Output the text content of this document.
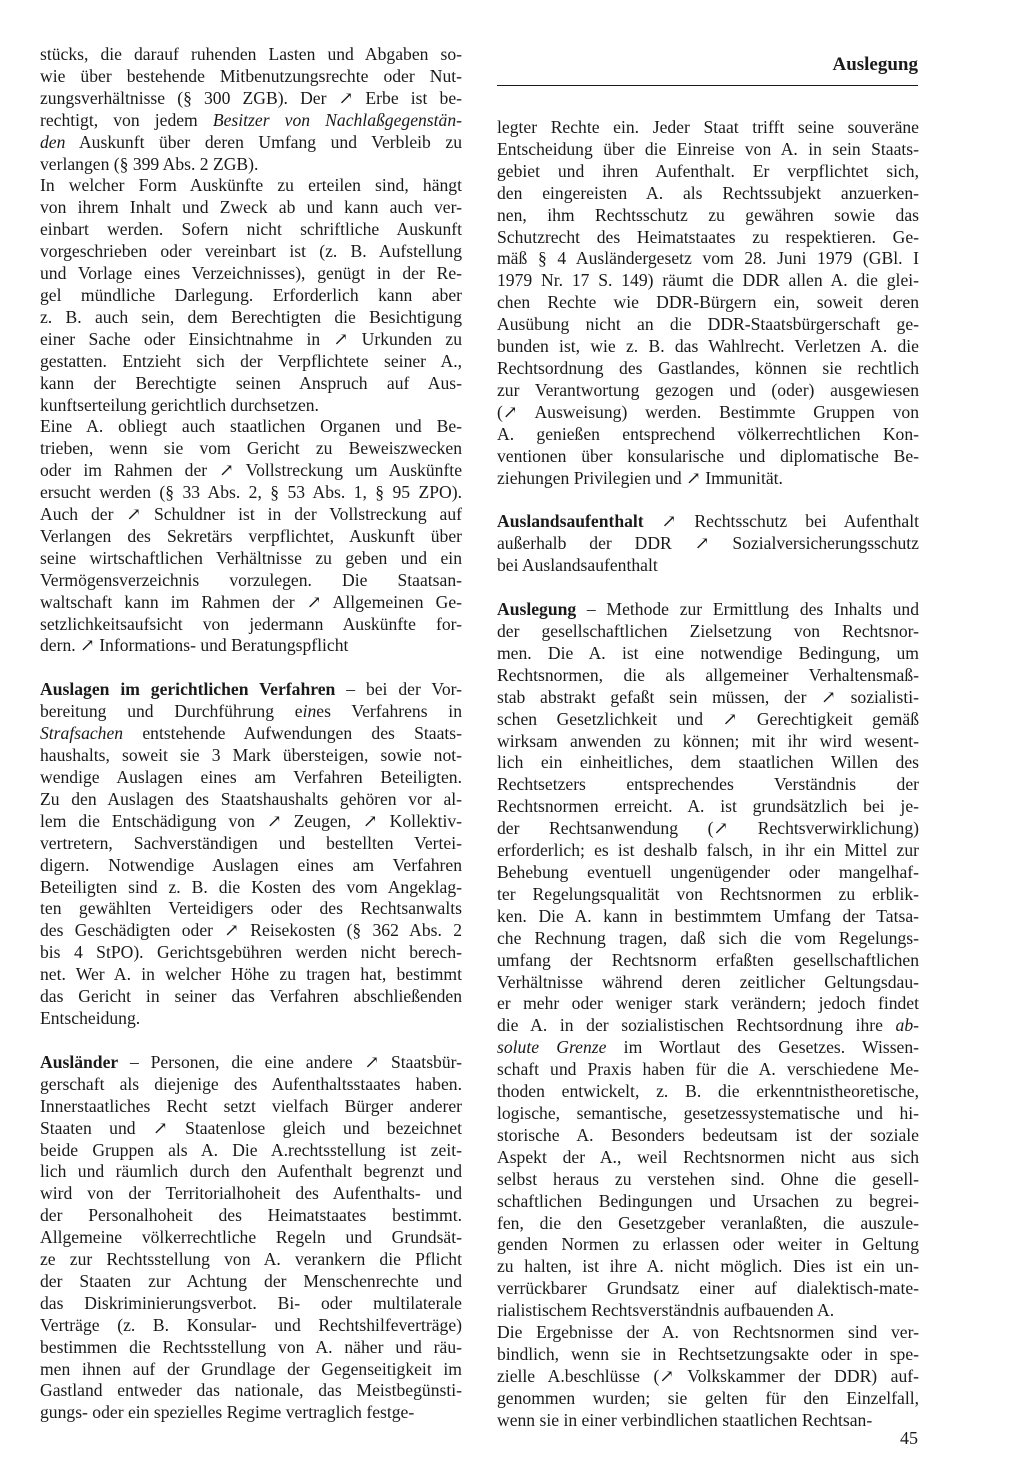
Auslegung

stücks, die darauf ruhenden Lasten und Abgaben so-
wie über bestehende Mitbenutzungsrechte oder Nut-
zungsverhältnisse (§ 300 ZGB). Der ↗ Erbe ist be-
rechtigt, von jedem Besitzer von Nachlaßgegenstän-
den Auskunft über deren Umfang und Verbleib zu
verlangen (§ 399 Abs. 2 ZGB).

In welcher Form Auskünfte zu erteilen sind, hängt
von ihrem Inhalt und Zweck ab und kann auch ver-
einbart werden. Sofern nicht schriftliche Auskunft
vorgeschrieben oder vereinbart ist (z. B. Aufstellung
und Vorlage eines Verzeichnisses), genügt in der Re-
gel mündliche Darlegung. Erforderlich kann aber
z. B. auch sein, dem Berechtigten die Besichtigung
einer Sache oder Einsichtnahme in ↗ Urkunden zu
gestatten. Entzieht sich der Verpflichtete seiner A.,
kann der Berechtigte seinen Anspruch auf Aus-
kunftserteilung gerichtlich durchsetzen.

Eine A. obliegt auch staatlichen Organen und Be-
trieben, wenn sie vom Gericht zu Beweiszwecken
oder im Rahmen der ↗ Vollstreckung um Auskünfte
ersucht werden (§ 33 Abs. 2, § 53 Abs. 1, § 95 ZPO).
Auch der ↗ Schuldner ist in der Vollstreckung auf
Verlangen des Sekretärs verpflichtet, Auskunft über
seine wirtschaftlichen Verhältnisse zu geben und ein
Vermögensverzeichnis vorzulegen. Die Staatsan-
waltschaft kann im Rahmen der ↗ Allgemeinen Ge-
setzlichkeitsaufsicht von jedermann Auskünfte for-
dern. ↗ Informations- und Beratungspflicht

Auslagen im gerichtlichen Verfahren – bei der Vor-
bereitung und Durchführung eines Verfahrens in
Strafsachen entstehende Aufwendungen des Staats-
haushalts, soweit sie 3 Mark übersteigen, sowie not-
wendige Auslagen eines am Verfahren Beteiligten.
Zu den Auslagen des Staatshaushalts gehören vor al-
lem die Entschädigung von ↗ Zeugen, ↗ Kollektiv-
vertretern, Sachverständigen und bestellten Vertei-
digern. Notwendige Auslagen eines am Verfahren
Beteiligten sind z. B. die Kosten des vom Angeklag-
ten gewählten Verteidigers oder des Rechtsanwalts
des Geschädigten oder ↗ Reisekosten (§ 362 Abs. 2
bis 4 StPO). Gerichtsgebühren werden nicht berech-
net. Wer A. in welcher Höhe zu tragen hat, bestimmt
das Gericht in seiner das Verfahren abschließenden
Entscheidung.

Ausländer – Personen, die eine andere ↗ Staatsbür-
gerschaft als diejenige des Aufenthaltsstaates haben.
Innerstaatliches Recht setzt vielfach Bürger anderer
Staaten und ↗ Staatenlose gleich und bezeichnet
beide Gruppen als A. Die A.rechtsstellung ist zeit-
lich und räumlich durch den Aufenthalt begrenzt und
wird von der Territorialhoheit des Aufenthalts- und
der Personalhoheit des Heimatstaates bestimmt.
Allgemeine völkerrechtliche Regeln und Grundsät-
ze zur Rechtsstellung von A. verankern die Pflicht
der Staaten zur Achtung der Menschenrechte und
das Diskriminierungsverbot. Bi- oder multilaterale
Verträge (z. B. Konsular- und Rechtshilfeverträge)
bestimmen die Rechtsstellung von A. näher und räu-
men ihnen auf der Grundlage der Gegenseitigkeit im
Gastland entweder das nationale, das Meistbegünsti-
gungs- oder ein spezielles Regime vertraglich festge-

legter Rechte ein. Jeder Staat trifft seine souveräne
Entscheidung über die Einreise von A. in sein Staats-
gebiet und ihren Aufenthalt. Er verpflichtet sich,
den eingereisten A. als Rechtssubjekt anzuerken-
nen, ihm Rechtsschutz zu gewähren sowie das
Schutzrecht des Heimatstaates zu respektieren. Ge-
mäß § 4 Ausländergesetz vom 28. Juni 1979 (GBl. I
1979 Nr. 17 S. 149) räumt die DDR allen A. die glei-
chen Rechte wie DDR-Bürgern ein, soweit deren
Ausübung nicht an die DDR-Staatsbürgerschaft ge-
bunden ist, wie z. B. das Wahlrecht. Verletzen A. die
Rechtsordnung des Gastlandes, können sie rechtlich
zur Verantwortung gezogen und (oder) ausgewiesen
(↗ Ausweisung) werden. Bestimmte Gruppen von
A. genießen entsprechend völkerrechtlichen Kon-
ventionen über konsularische und diplomatische Be-
ziehungen Privilegien und ↗ Immunität.

Auslandsaufenthalt ↗ Rechtsschutz bei Aufenthalt
außerhalb der DDR ↗ Sozialversicherungsschutz
bei Auslandsaufenthalt

Auslegung – Methode zur Ermittlung des Inhalts und
der gesellschaftlichen Zielsetzung von Rechtsnor-
men. Die A. ist eine notwendige Bedingung, um
Rechtsnormen, die als allgemeiner Verhaltensmaß-
stab abstrakt gefaßt sein müssen, der ↗ sozialisti-
schen Gesetzlichkeit und ↗ Gerechtigkeit gemäß
wirksam anwenden zu können; mit ihr wird wesent-
lich ein einheitliches, dem staatlichen Willen des
Rechtsetzers entsprechendes Verständnis der
Rechtsnormen erreicht. A. ist grundsätzlich bei je-
der Rechtsanwendung (↗ Rechtsverwirklichung)
erforderlich; es ist deshalb falsch, in ihr ein Mittel zur
Behebung eventuell ungenügender oder mangelhaf-
ter Regelungsqualität von Rechtsnormen zu erblik-
ken. Die A. kann in bestimmtem Umfang der Tatsa-
che Rechnung tragen, daß sich die vom Regelungs-
umfang der Rechtsnorm erfaßten gesellschaftlichen
Verhältnisse während deren zeitlicher Geltungsdau-
er mehr oder weniger stark verändern; jedoch findet
die A. in der sozialistischen Rechtsordnung ihre ab-
solute Grenze im Wortlaut des Gesetzes. Wissen-
schaft und Praxis haben für die A. verschiedene Me-
thoden entwickelt, z. B. die erkenntnistheoretische,
logische, semantische, gesetzessystematische und hi-
storische A. Besonders bedeutsam ist der soziale
Aspekt der A., weil Rechtsnormen nicht aus sich
selbst heraus zu verstehen sind. Ohne die gesell-
schaftlichen Bedingungen und Ursachen zu begrei-
fen, die den Gesetzgeber veranlaßten, die auszule-
genden Normen zu erlassen oder weiter in Geltung
zu halten, ist ihre A. nicht möglich. Dies ist ein un-
verrückbarer Grundsatz einer auf dialektisch-mate-
rialistischem Rechtsverständnis aufbauenden A.

Die Ergebnisse der A. von Rechtsnormen sind ver-
bindlich, wenn sie in Rechtsetzungsakte oder in spe-
zielle A.beschlüsse (↗ Volkskammer der DDR) auf-
genommen wurden; sie gelten für den Einzelfall,
wenn sie in einer verbindlichen staatlichen Rechtsan-

45
